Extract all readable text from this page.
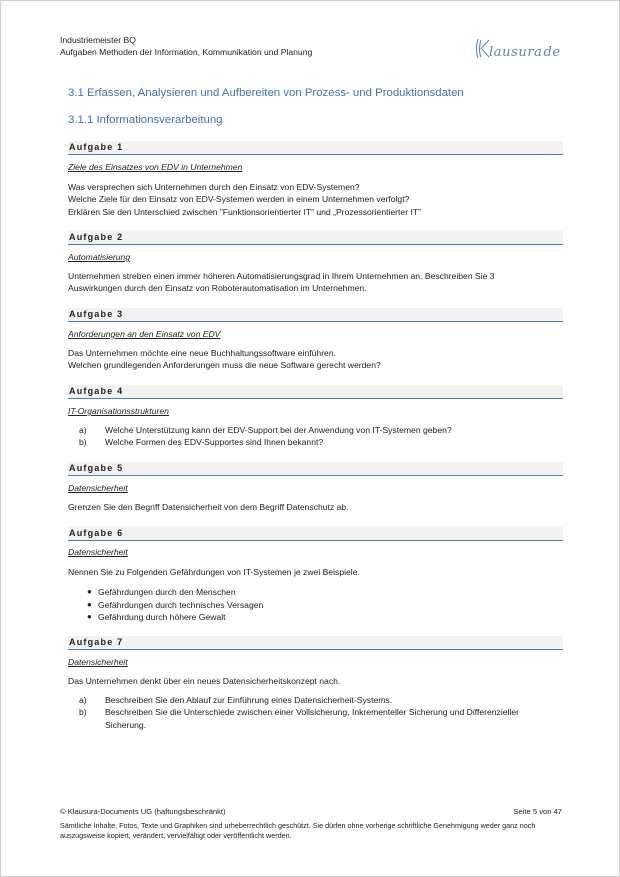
Industriemeister BQ
Aufgaben Methoden der Information, Kommunikation und Planung	lausurade
3.1 Erfassen, Analysieren und Aufbereiten von Prozess- und Produktionsdaten
3.1.1 Informationsverarbeitung
Aufgabe 1
Ziele des Einsatzes von EDV in Unternehmen
Was versprechen sich Unternehmen durch den Einsatz von EDV-Systemen?
Welche Ziele für den Einsatz von EDV-Systemen werden in einem Unternehmen verfolgt?
Erklären Sie den Unterschied zwischen ”Funktionsorientierter IT” und „Prozessorientierter IT”
Aufgabe 2
Automatisierung
Unternehmen streben einen immer höheren Automatisierungsgrad in Ihrem Unternehmen an. Beschreiben Sie 3
Auswirkungen durch den Einsatz von Roboterautomatisation im Unternehmen.
Aufgabe 3
Anforderungen an den Einsatz von EDV
Das Unternehmen möchte eine neue Buchhaltungssoftware einführen.
Welchen grundlegenden Anforderungen muss die neue Software gerecht werden?
Aufgabe 4
IT-Organisationsstrukturen
a)	Welche Unterstützung kann der EDV-Support bei der Anwendung von IT-Systemen geben?
b)	Welche Formen des EDV-Supportes sind Ihnen bekannt?
Aufgabe 5
Datensicherheit
Grenzen Sie den Begriff Datensicherheit von dem Begriff Datenschutz ab.
Aufgabe 6
Datensicherheit
Nennen Sie zu Folgenden Gefährdungen von IT-Systemen je zwei Beispiele.
● Gefährdungen durch den Menschen
● Gefährdungen durch technisches Versagen
● Gefährdung durch höhere Gewalt
Aufgabe 7
Datensicherheit
Das Unternehmen denkt über ein neues Datensicherheitskonzept nach.
a)	Beschreiben Sie den Ablauf zur Einführung eines Datensicherheit-Systems.
b)	Beschreiben Sie die Unterschiede zwischen einer Vollsicherung, Inkrementeller Sicherung und Differenzieller Sicherung.
© Klausura-Documents UG (haftungsbeschränkt)	Seite 5 von 47
Sämtliche Inhalte, Fotos, Texte und Graphiken sind urheberrechtlich geschützt. Sie dürfen ohne vorherige schriftliche Genehmigung weder ganz noch auszugsweise kopiert, verändert, vervielfältigt oder veröffentlicht werden.
